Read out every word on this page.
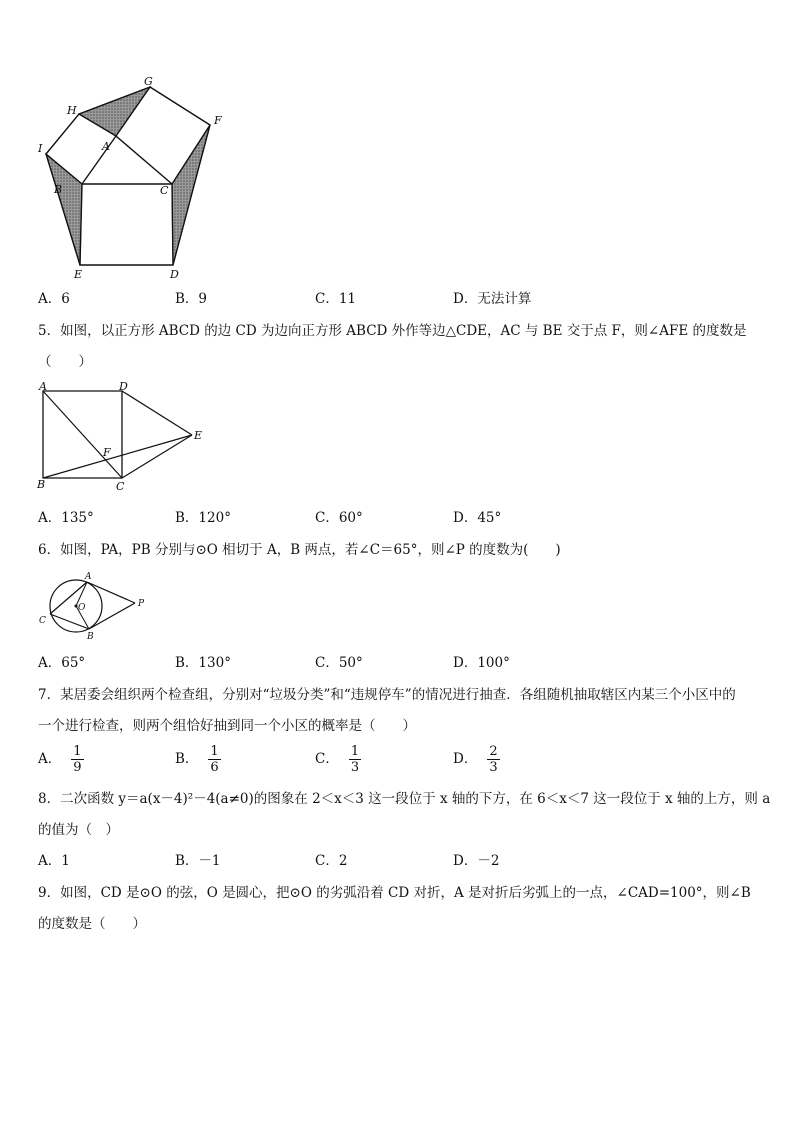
G
H
F
I	A
B	C
E	D
A．6	B．9	C．11	D．无法计算
5．如图，以正方形 ABCD 的边 CD 为边向正方形 ABCD 外作等边△CDE，AC 与 BE 交于点 F，则∠AFE 的度数是
（　　）
A	D
E
F
B	C
A．135°	B．120°	C．60°	D．45°
6．如图，PA，PB 分别与⊙O 相切于 A，B 两点，若∠C＝65°，则∠P 的度数为(　　)
A
O	P
C
B
A．65°	B．130°	C．50°	D．100°
7．某居委会组织两个检查组，分别对“垃圾分类”和“违规停车”的情况进行抽查．各组随机抽取辖区内某三个小区中的
一个进行检查，则两个组恰好抽到同一个小区的概率是（　　）
A． $\frac{1}{9}$	B． $\frac{1}{6}$	C． $\frac{1}{3}$	D． $\frac{2}{3}$
8．二次函数 y＝a(x－4)²－4(a≠0)的图象在 2＜x＜3 这一段位于 x 轴的下方，在 6＜x＜7 这一段位于 x 轴的上方，则 a
的值为（　）
A．1	B．－1	C．2	D．－2
9．如图，CD 是⊙O 的弦，O 是圆心，把⊙O 的劣弧沿着 CD 对折，A 是对折后劣弧上的一点，∠CAD=100°，则∠B
的度数是（　　）
